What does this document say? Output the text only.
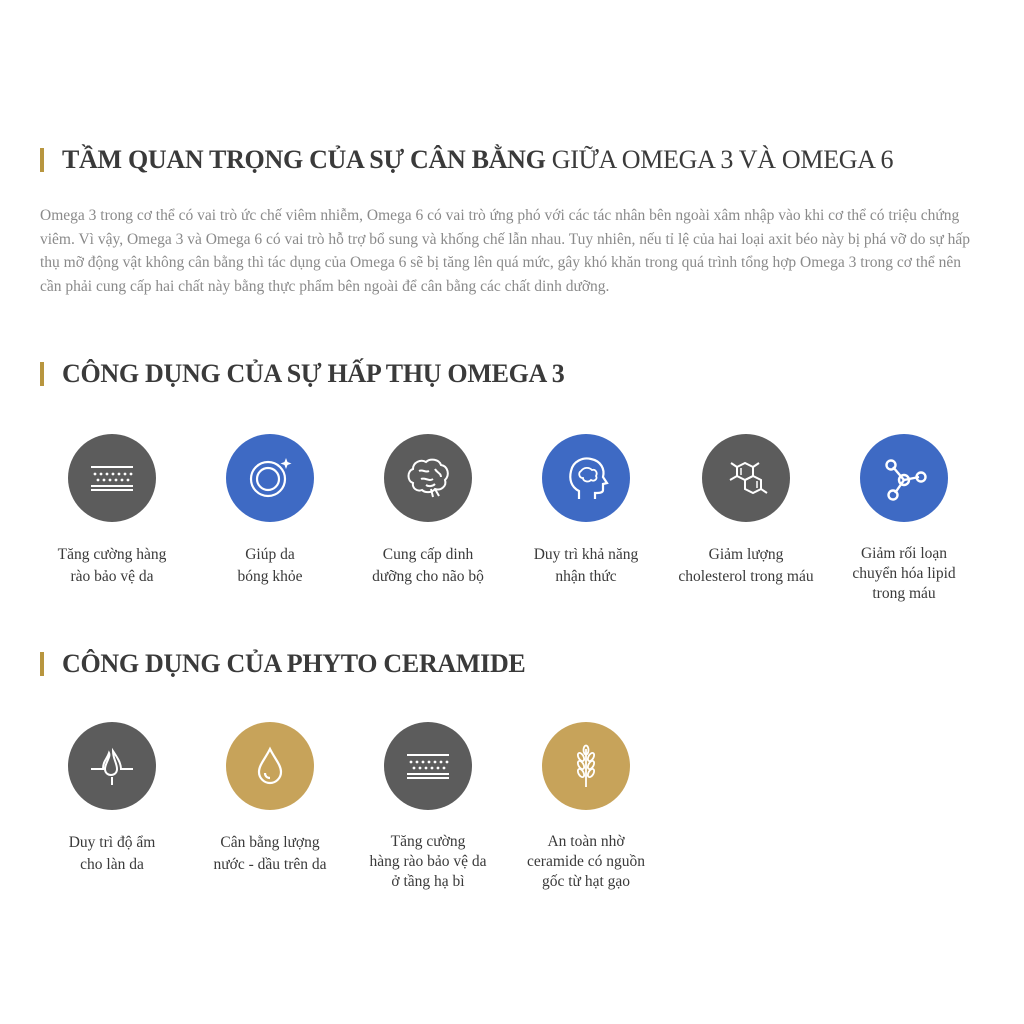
TẦM QUAN TRỌNG CỦA SỰ CÂN BẰNG GIỮA OMEGA 3 VÀ OMEGA 6
Omega 3 trong cơ thể có vai trò ức chế viêm nhiễm, Omega 6 có vai trò ứng phó với các tác nhân bên ngoài xâm nhập vào khi cơ thể có triệu chứng viêm. Vì vậy, Omega 3 và Omega 6 có vai trò hỗ trợ bổ sung và khống chế lẫn nhau. Tuy nhiên, nếu tỉ lệ của hai loại axit béo này bị phá vỡ do sự hấp thụ mỡ động vật không cân bằng thì tác dụng của Omega 6 sẽ bị tăng lên quá mức, gây khó khăn trong quá trình tổng hợp Omega 3 trong cơ thể nên cần phải cung cấp hai chất này bằng thực phẩm bên ngoài để cân bằng các chất dinh dưỡng.
CÔNG DỤNG CỦA SỰ HẤP THỤ OMEGA 3
Tăng cường hàng
rào bảo vệ da
Giúp da
bóng khỏe
Cung cấp dinh
dưỡng cho não bộ
Duy trì khả năng
nhận thức
Giảm lượng
cholesterol trong máu
Giảm rối loạn
chuyển hóa lipid
trong máu
CÔNG DỤNG CỦA PHYTO CERAMIDE
Duy trì độ ẩm
cho làn da
Cân bằng lượng
nước - dầu trên da
Tăng cường
hàng rào bảo vệ da
ở tầng hạ bì
An toàn nhờ
ceramide có nguồn
gốc từ hạt gạo
